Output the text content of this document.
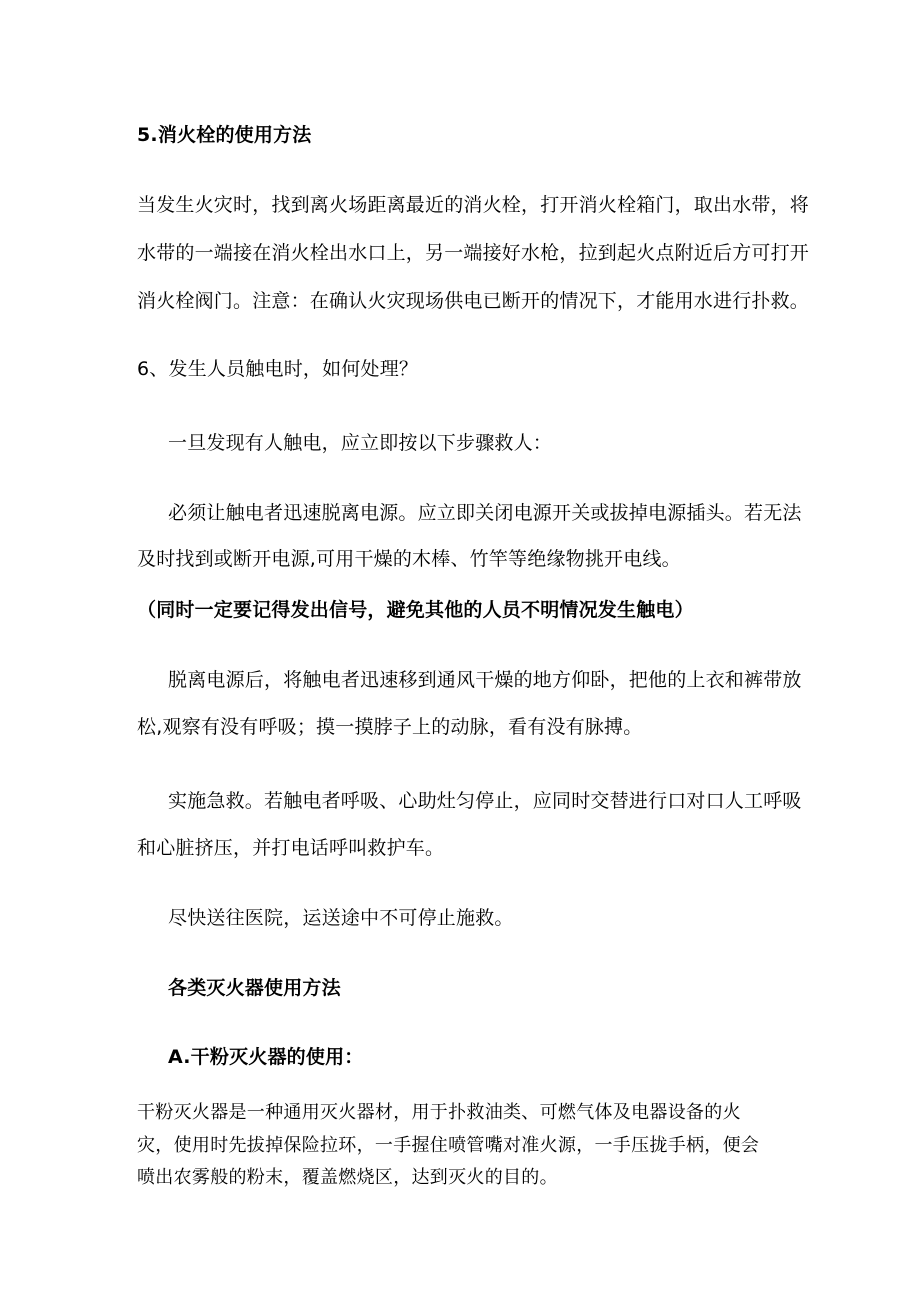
5.消火栓的使用方法
当发生火灾时，找到离火场距离最近的消火栓，打开消火栓箱门，取出水带，将
水带的一端接在消火栓出水口上，另一端接好水枪，拉到起火点附近后方可打开
消火栓阀门。注意：在确认火灾现场供电已断开的情况下，才能用水进行扑救。
6、发生人员触电时，如何处理？
一旦发现有人触电，应立即按以下步骤救人：
必须让触电者迅速脱离电源。应立即关闭电源开关或拔掉电源插头。若无法
及时找到或断开电源,可用干燥的木棒、竹竿等绝缘物挑开电线。
（同时一定要记得发出信号，避免其他的人员不明情况发生触电）
脱离电源后，将触电者迅速移到通风干燥的地方仰卧，把他的上衣和裤带放
松,观察有没有呼吸；摸一摸脖子上的动脉，看有没有脉搏。
实施急救。若触电者呼吸、心助灶匀停止，应同时交替进行口对口人工呼吸
和心脏挤压，并打电话呼叫救护车。
尽快送往医院，运送途中不可停止施救。
各类灭火器使用方法
A.干粉灭火器的使用：
干粉灭火器是一种通用灭火器材，用于扑救油类、可燃气体及电器设备的火
灾，使用时先拔掉保险拉环，一手握住喷管嘴对准火源，一手压拢手柄，便会
喷出农雾般的粉末，覆盖燃烧区，达到灭火的目的。
